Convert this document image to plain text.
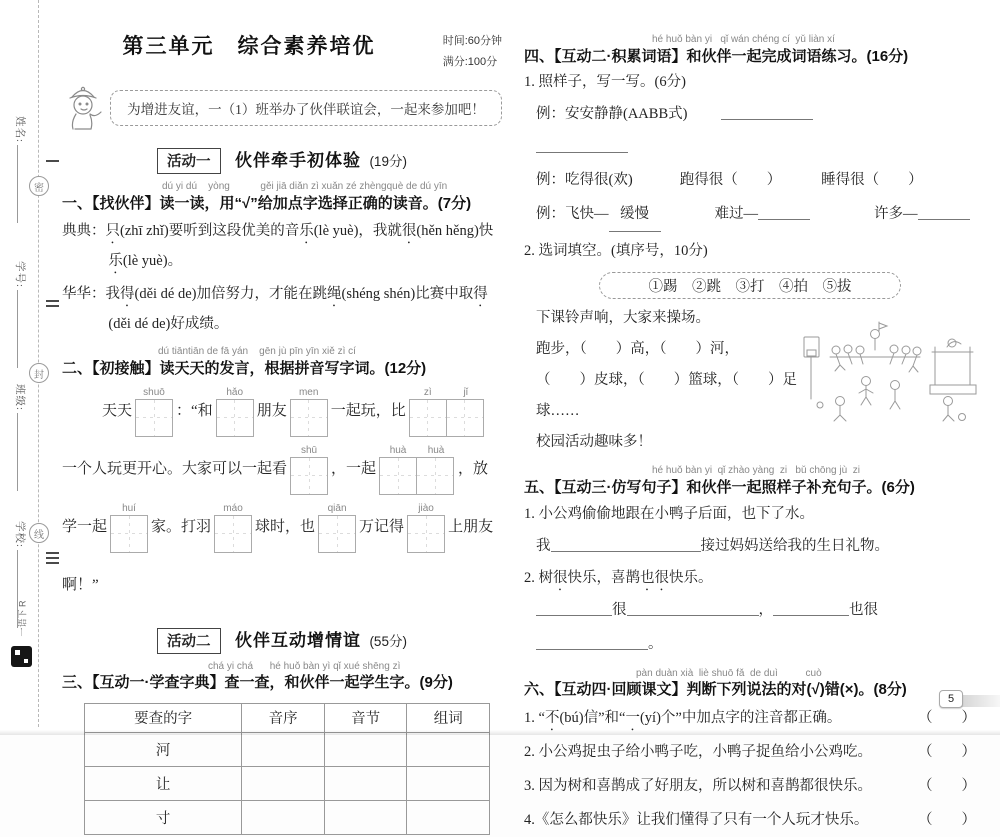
姓名:
学号:
班级:
学校:
密
封
线
一语下 R
第三单元　综合素养培优	时间:60分钟
满分:100分
为增进友谊，一（1）班举办了伙伴联谊会，一起来参加吧！
活动一 伙伴牵手初体验 (19分)
dú yi dú    yòng           gěi jiā diǎn zì xuǎn zé zhèngquè de dú yīn
一、【找伙伴】读一读，用“√”给加点字选择正确的读音。(7分)

典典：只(zhī zhǐ)要听到这段优美的音乐(lè yuè)，我就很(hěn hěng)快乐(lè yuè)。

华华：我得(děi dé de)加倍努力，才能在跳绳(shéng shén)比赛中取得(děi dé de)好成绩。

dú tiāntiān de fā yán    gēn jù pīn yīn xiě zì cí
二、【初接触】读天天的发言，根据拼音写字词。(12分)

天天
shuō
：“和
hǎo
朋友
men
一起玩，比
zì	jǐ
一个人玩更开心。大家可以一起看
shū
，一起
huà	huà
，放学一起
huí
家。打羽
máo
球时，也
qiān
万记得
jiào
上朋友啊！”

活动二 伙伴互动增情谊 (55分)
chá yi chá      hé huǒ bàn yì qǐ xué shēng zì
三、【互动一·学查字典】查一查，和伙伴一起学生字。(9分)
要查的字	音序	音节	组词
河			
让			
寸			
hé huǒ bàn yi   qǐ wán chéng cí  yǔ liàn xí
四、【互动二·积累词语】和伙伴一起完成词语练习。(16分)
1. 照样子，写一写。(6分)
例：安安静静(AABB式)
例：吃得很(欢)　　　 跑得很（　　）　　　 睡得很（　　）
例：飞快— 缓慢	难过—	许多—
2. 选词填空。(填序号，10分)
①踢　②跳　③打　④拍　⑤拔
下课铃声响，大家来操场。
跑步，（　　）高，（　　）河，
（　　）皮球，（　　）篮球，（　　）足球……
校园活动趣味多！
hé huǒ bàn yi  qǐ zhào yàng  zi   bǔ chōng jù  zi
五、【互动三·仿写句子】和伙伴一起照样子补充句子。(6分)
1. 小公鸡偷偷地跟在小鸭子后面，也下了水。
我	接过妈妈送给我的生日礼物。
2. 树很快乐，喜鹊也很快乐。
很	，	也很。
pàn duàn xià  liè shuō fǎ  de duì          cuò
六、【互动四·回顾课文】判断下列说法的对(√)错(×)。(8分)
1. “不(bú)信”和“一(yí)个”中加点字的注音都正确。	（　　）
2. 小公鸡捉虫子给小鸭子吃，小鸭子捉鱼给小公鸡吃。	（　　）
3. 因为树和喜鹊成了好朋友，所以树和喜鹊都很快乐。	（　　）
4.《怎么都快乐》让我们懂得了只有一个人玩才快乐。	（　　）
5
